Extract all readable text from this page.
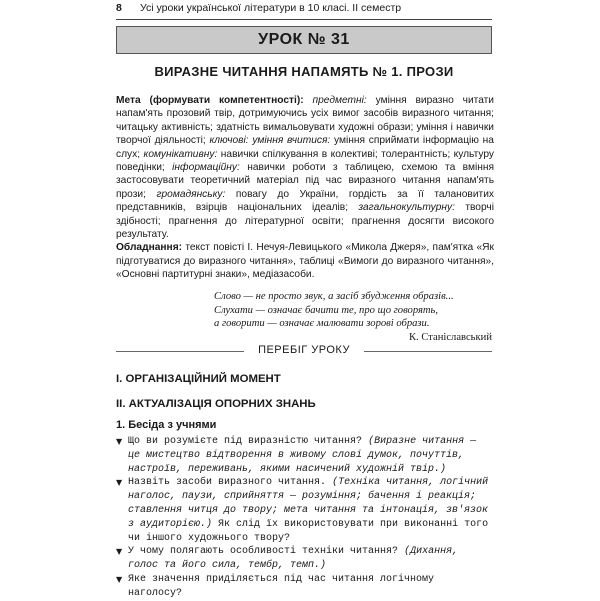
8 Усі уроки української літератури в 10 класі. ІІ семестр
УРОК № 31
ВИРАЗНЕ ЧИТАННЯ НАПАМЯТЬ № 1. ПРОЗИ

Мета (формувати компетентності): предметні: уміння виразно читати напам'ять прозовий твір, дотримуючись усіх вимог засобів виразного читання; читацьку активність; здатність вимальовувати художні образи; уміння і навички творчої діяльності; ключові: уміння вчитися: уміння сприймати інформацію на слух; комунікативну: навички спілкування в колективі; толерантність; культуру поведінки; інформаційну: навички роботи з таблицею, схемою та вміння застосовувати теоретичний матеріал під час виразного читання напам'ять прози; громадянську: повагу до України, гордість за її талановитих представників, взірців національних ідеалів; загальнокультурну: творчі здібності; прагнення до літературної освіти; прагнення досягти високого результату.

Обладнання: текст повісті І. Нечуя-Левицького «Микола Джеря», пам'ятка «Як підготуватися до виразного читання», таблиці «Вимоги до виразного читання», «Основні партитурні знаки», медіазасоби.

Слово — не просто звук, а засіб збудження образів...
Слухати — означає бачити те, про що говорять,
а говорити — означає малювати зорові образи.
К. Станіславський
ПЕРЕБІГ УРОКУ
I. ОРГАНІЗАЦІЙНИЙ МОМЕНТ
II. АКТУАЛІЗАЦІЯ ОПОРНИХ ЗНАНЬ
1. Бесіда з учнями

▼ Що ви розумієте під виразністю читання? (Виразне читання — це мистецтво відтворення в живому слові думок, почуттів, настроїв, переживань, якими насичений художній твір.)

▼ Назвіть засоби виразного читання. (Техніка читання, логічний наголос, паузи, сприйняття — розуміння; бачення і реакція; ставлення читця до твору; мета читання та інтонація, зв'язок з аудиторією.) Як слід їх використовувати при виконанні того чи іншого художнього твору?

▼ У чому полягають особливості техніки читання? (Дихання, голос та його сила, тембр, темп.)

▼ Яке значення приділяється під час читання логічному наголосу?
